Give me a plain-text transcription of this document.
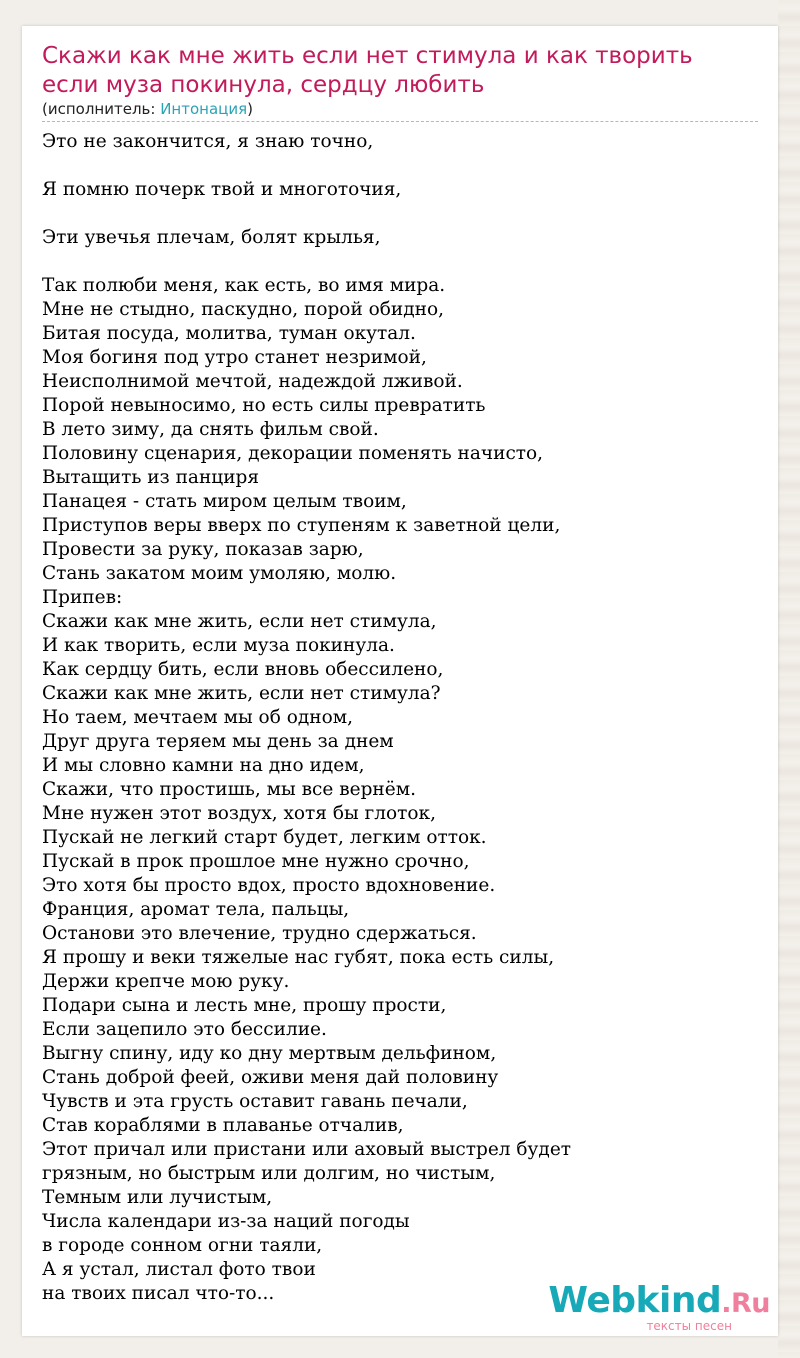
Скажи как мне жить если нет стимула и как творить если муза покинула, сердцу любить
(исполнитель: Интонация)
Это не закончится, я знаю точно,
Я помню почерк твой и многоточия,
Эти увечья плечам, болят крылья,
Так полюби меня, как есть, во имя мира.
Мне не стыдно, паскудно, порой обидно,
Битая посуда, молитва, туман окутал.
Моя богиня под утро станет незримой,
Неисполнимой мечтой, надеждой лживой.
Порой невыносимо, но есть силы превратить
В лето зиму, да снять фильм свой.
Половину сценария, декорации поменять начисто,
Вытащить из панциря
Панацея - стать миром целым твоим,
Приступов веры вверх по ступеням к заветной цели,
Провести за руку, показав зарю,
Стань закатом моим умоляю, молю.
Припев:
Скажи как мне жить, если нет стимула,
И как творить, если муза покинула.
Как сердцу бить, если вновь обессилено,
Скажи как мне жить, если нет стимула?
Но таем, мечтаем мы об одном,
Друг друга теряем мы день за днем
И мы словно камни на дно идем,
Скажи, что простишь, мы все вернём.
Мне нужен этот воздух, хотя бы глоток,
Пускай не легкий старт будет, легким отток.
Пускай в прок прошлое мне нужно срочно,
Это хотя бы просто вдох, просто вдохновение.
Франция, аромат тела, пальцы,
Останови это влечение, трудно сдержаться.
Я прошу и веки тяжелые нас губят, пока есть силы,
Держи крепче мою руку.
Подари сына и лесть мне, прошу прости,
Если зацепило это бессилие.
Выгну спину, иду ко дну мертвым дельфином,
Стань доброй феей, оживи меня дай половину
Чувств и эта грусть оставит гавань печали,
Став кораблями в плаванье отчалив,
Этот причал или пристани или аховый выстрел будет
грязным, но быстрым или долгим, но чистым,
Темным или лучистым,
Числа календари из-за наций погоды
в городе сонном огни таяли,
А я устал, листал фото твои
на твоих писал что-то...	Webkind.Ru
тексты песен
